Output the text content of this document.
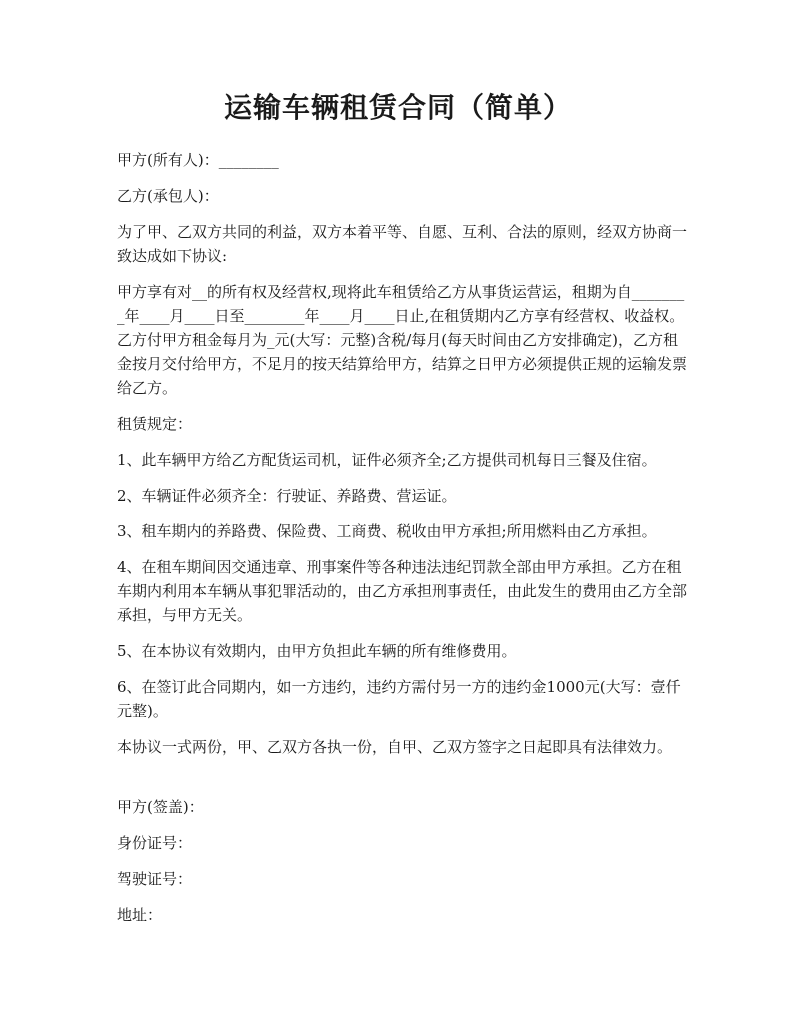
运输车辆租赁合同（简单）
甲方(所有人)：________
乙方(承包人)：
为了甲、乙双方共同的利益，双方本着平等、自愿、互利、合法的原则，经双方协商一致达成如下协议:
甲方享有对__的所有权及经营权,现将此车租赁给乙方从事货运营运，租期为自________年____月____日至________年____月____日止,在租赁期内乙方享有经营权、收益权。乙方付甲方租金每月为_元(大写：元整)含税/每月(每天时间由乙方安排确定)，乙方租金按月交付给甲方，不足月的按天结算给甲方，结算之日甲方必须提供正规的运输发票给乙方。
租赁规定：
1、此车辆甲方给乙方配货运司机，证件必须齐全;乙方提供司机每日三餐及住宿。
2、车辆证件必须齐全：行驶证、养路费、营运证。
3、租车期内的养路费、保险费、工商费、税收由甲方承担;所用燃料由乙方承担。
4、在租车期间因交通违章、刑事案件等各种违法违纪罚款全部由甲方承担。乙方在租车期内利用本车辆从事犯罪活动的，由乙方承担刑事责任，由此发生的费用由乙方全部承担，与甲方无关。
5、在本协议有效期内，由甲方负担此车辆的所有维修费用。
6、在签订此合同期内，如一方违约，违约方需付另一方的违约金1000元(大写：壹仟元整)。
本协议一式两份，甲、乙双方各执一份，自甲、乙双方签字之日起即具有法律效力。
甲方(签盖)：
身份证号：
驾驶证号：
地址：
